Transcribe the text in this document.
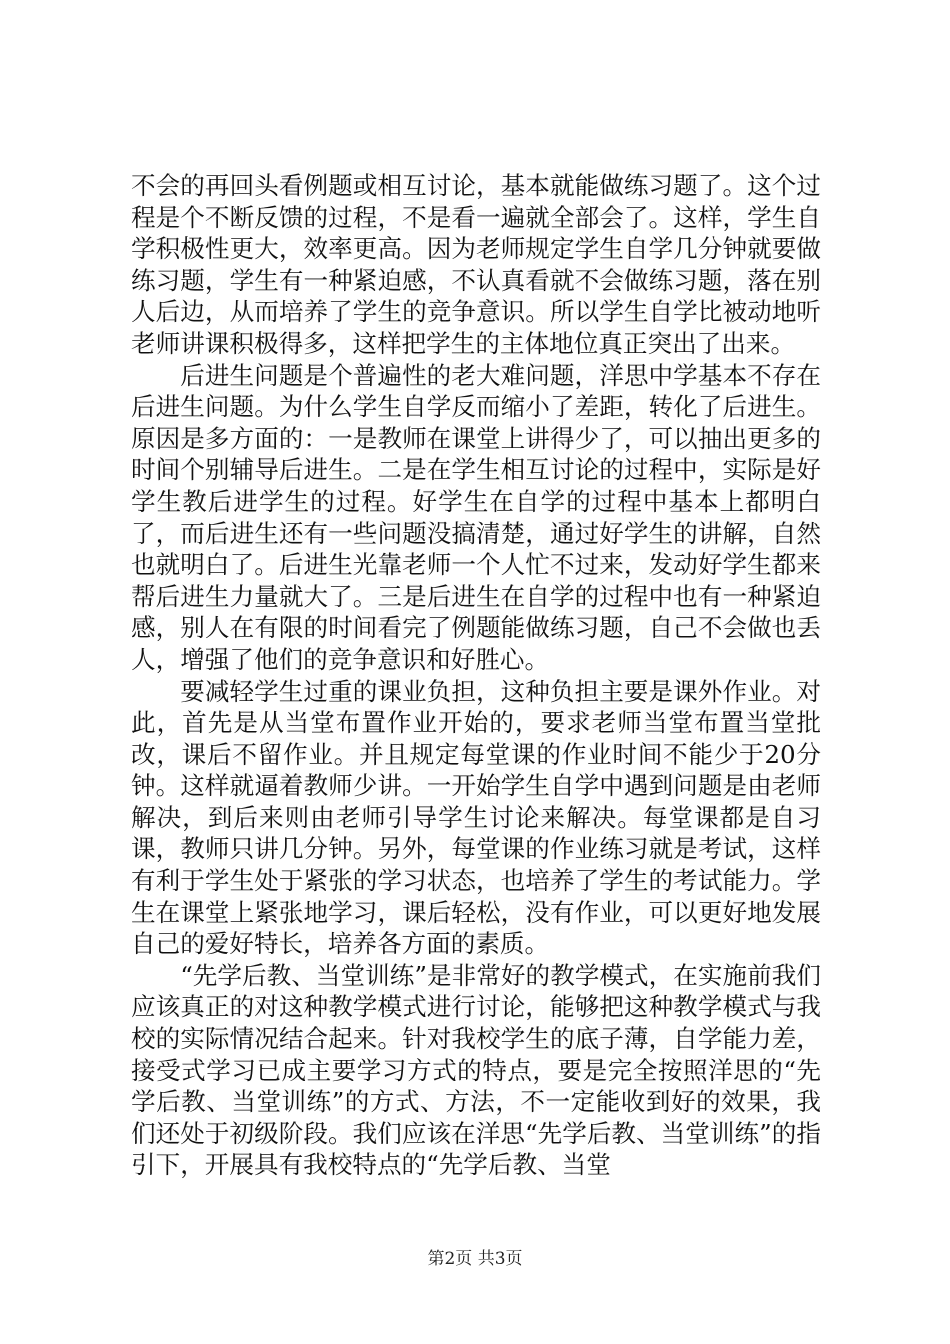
不会的再回头看例题或相互讨论，基本就能做练习题了。这个过程是个不断反馈的过程，不是看一遍就全部会了。这样，学生自学积极性更大，效率更高。因为老师规定学生自学几分钟就要做练习题，学生有一种紧迫感，不认真看就不会做练习题，落在别人后边，从而培养了学生的竞争意识。所以学生自学比被动地听老师讲课积极得多，这样把学生的主体地位真正突出了出来。

后进生问题是个普遍性的老大难问题，洋思中学基本不存在后进生问题。为什么学生自学反而缩小了差距，转化了后进生。原因是多方面的：一是教师在课堂上讲得少了，可以抽出更多的时间个别辅导后进生。二是在学生相互讨论的过程中，实际是好学生教后进学生的过程。好学生在自学的过程中基本上都明白了，而后进生还有一些问题没搞清楚，通过好学生的讲解，自然也就明白了。后进生光靠老师一个人忙不过来，发动好学生都来帮后进生力量就大了。三是后进生在自学的过程中也有一种紧迫感，别人在有限的时间看完了例题能做练习题，自己不会做也丢人，增强了他们的竞争意识和好胜心。

要减轻学生过重的课业负担，这种负担主要是课外作业。对此，首先是从当堂布置作业开始的，要求老师当堂布置当堂批改，课后不留作业。并且规定每堂课的作业时间不能少于20分钟。这样就逼着教师少讲。一开始学生自学中遇到问题是由老师解决，到后来则由老师引导学生讨论来解决。每堂课都是自习课，教师只讲几分钟。另外，每堂课的作业练习就是考试，这样有利于学生处于紧张的学习状态，也培养了学生的考试能力。学生在课堂上紧张地学习，课后轻松，没有作业，可以更好地发展自己的爱好特长，培养各方面的素质。

“先学后教、当堂训练”是非常好的教学模式，在实施前我们应该真正的对这种教学模式进行讨论，能够把这种教学模式与我校的实际情况结合起来。针对我校学生的底子薄，自学能力差，接受式学习已成主要学习方式的特点，要是完全按照洋思的“先学后教、当堂训练”的方式、方法，不一定能收到好的效果，我们还处于初级阶段。我们应该在洋思“先学后教、当堂训练”的指引下，开展具有我校特点的“先学后教、当堂

第2页 共3页
